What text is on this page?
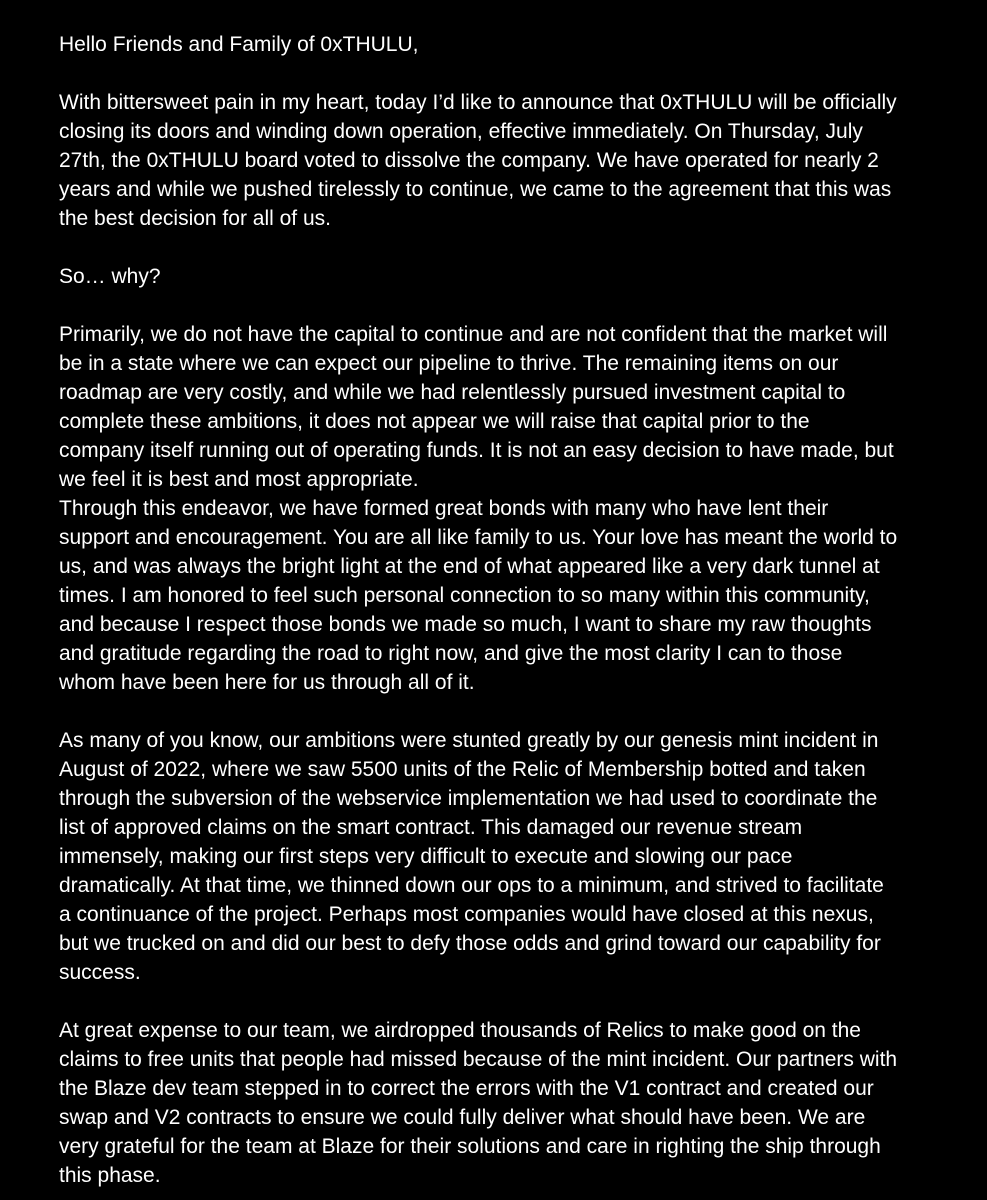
Hello Friends and Family of 0xTHULU,

With bittersweet pain in my heart, today I’d like to announce that 0xTHULU will be officially
closing its doors and winding down operation, effective immediately. On Thursday, July
27th, the 0xTHULU board voted to dissolve the company. We have operated for nearly 2
years and while we pushed tirelessly to continue, we came to the agreement that this was
the best decision for all of us.

So… why?

Primarily, we do not have the capital to continue and are not confident that the market will
be in a state where we can expect our pipeline to thrive. The remaining items on our
roadmap are very costly, and while we had relentlessly pursued investment capital to
complete these ambitions, it does not appear we will raise that capital prior to the
company itself running out of operating funds. It is not an easy decision to have made, but
we feel it is best and most appropriate.

Through this endeavor, we have formed great bonds with many who have lent their
support and encouragement. You are all like family to us. Your love has meant the world to
us, and was always the bright light at the end of what appeared like a very dark tunnel at
times. I am honored to feel such personal connection to so many within this community,
and because I respect those bonds we made so much, I want to share my raw thoughts
and gratitude regarding the road to right now, and give the most clarity I can to those
whom have been here for us through all of it.

As many of you know, our ambitions were stunted greatly by our genesis mint incident in
August of 2022, where we saw 5500 units of the Relic of Membership botted and taken
through the subversion of the webservice implementation we had used to coordinate the
list of approved claims on the smart contract. This damaged our revenue stream
immensely, making our first steps very difficult to execute and slowing our pace
dramatically. At that time, we thinned down our ops to a minimum, and strived to facilitate
a continuance of the project. Perhaps most companies would have closed at this nexus,
but we trucked on and did our best to defy those odds and grind toward our capability for
success.

At great expense to our team, we airdropped thousands of Relics to make good on the
claims to free units that people had missed because of the mint incident. Our partners with
the Blaze dev team stepped in to correct the errors with the V1 contract and created our
swap and V2 contracts to ensure we could fully deliver what should have been. We are
very grateful for the team at Blaze for their solutions and care in righting the ship through
this phase.
